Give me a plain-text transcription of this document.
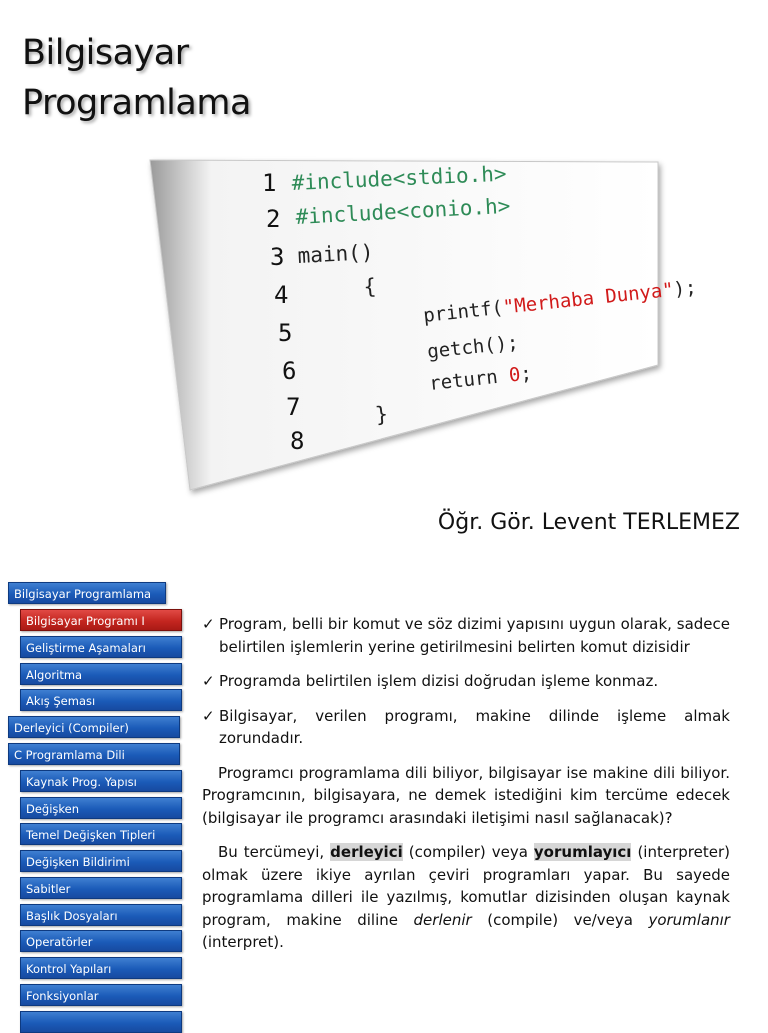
Bilgisayar
Programlama
1 #include<stdio.h>
2 #include<conio.h>
3 main()
4	{
5
printf("Merhaba Dunya");
6
getch();
7
return 0;
8
}
Öğr. Gör. Levent TERLEMEZ
Bilgisayar Programlama
Bilgisayar Programı I
Geliştirme Aşamaları
Algoritma
Akış Şeması
Derleyici (Compiler)
C Programlama Dili
Kaynak Prog. Yapısı
Değişken
Temel Değişken Tipleri
Değişken Bildirimi
Sabitler
Başlık Dosyaları
Operatörler
Kontrol Yapıları
Fonksiyonlar

✓ Program, belli bir komut ve söz dizimi yapısını uygun olarak, sadece belirtilen işlemlerin yerine getirilmesini belirten komut dizisidir

✓ Programda belirtilen işlem dizisi doğrudan işleme konmaz.

✓ Bilgisayar, verilen programı, makine dilinde işleme almak zorundadır.

Programcı programlama dili biliyor, bilgisayar ise makine dili biliyor. Programcının, bilgisayara, ne demek istediğini kim tercüme edecek (bilgisayar ile programcı arasındaki iletişimi nasıl sağlanacak)?

Bu tercümeyi, derleyici (compiler) veya yorumlayıcı (interpreter) olmak üzere ikiye ayrılan çeviri programları yapar. Bu sayede programlama dilleri ile yazılmış, komutlar dizisinden oluşan kaynak program, makine diline derlenir (compile) ve/veya yorumlanır (interpret).
